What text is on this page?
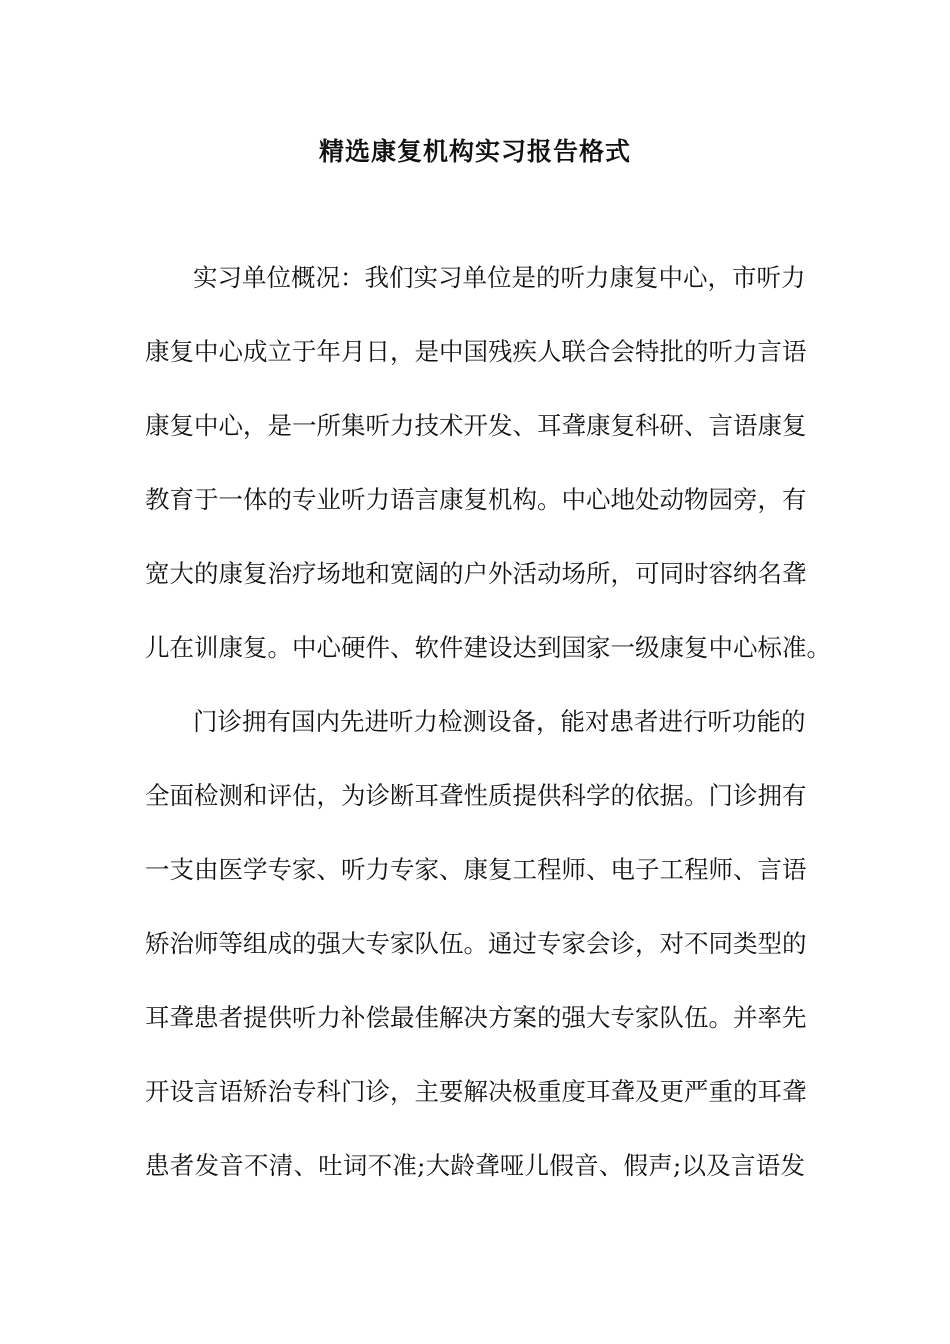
精选康复机构实习报告格式
实习单位概况：我们实习单位是的听力康复中心，市听力
康复中心成立于年月日，是中国残疾人联合会特批的听力言语
康复中心，是一所集听力技术开发、耳聋康复科研、言语康复
教育于一体的专业听力语言康复机构。中心地处动物园旁，有
宽大的康复治疗场地和宽阔的户外活动场所，可同时容纳名聋
儿在训康复。中心硬件、软件建设达到国家一级康复中心标准。
门诊拥有国内先进听力检测设备，能对患者进行听功能的
全面检测和评估，为诊断耳聋性质提供科学的依据。门诊拥有
一支由医学专家、听力专家、康复工程师、电子工程师、言语
矫治师等组成的强大专家队伍。通过专家会诊，对不同类型的
耳聋患者提供听力补偿最佳解决方案的强大专家队伍。并率先
开设言语矫治专科门诊，主要解决极重度耳聋及更严重的耳聋
患者发音不清、吐词不准;大龄聋哑儿假音、假声;以及言语发
